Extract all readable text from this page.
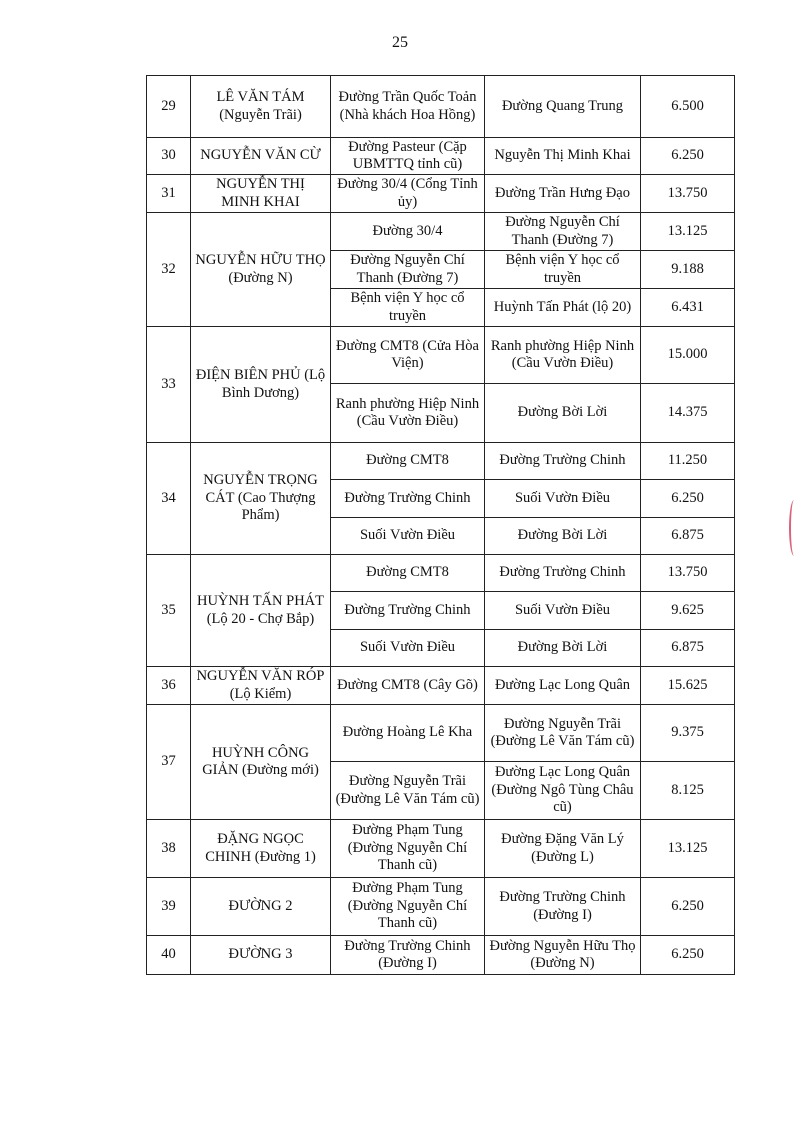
25
29	LÊ VĂN TÁM (Nguyễn Trãi)	Đường Trần Quốc Toản (Nhà khách Hoa Hồng)	Đường Quang Trung	6.500
30	NGUYỄN VĂN CỪ	Đường Pasteur (Cặp UBMTTQ tỉnh cũ)	Nguyễn Thị Minh Khai	6.250
31	NGUYỄN THỊ MINH KHAI	Đường 30/4 (Cổng Tỉnh ủy)	Đường Trần Hưng Đạo	13.750
32	NGUYỄN HỮU THỌ (Đường N)	Đường 30/4	Đường Nguyễn Chí Thanh (Đường 7)	13.125
		Đường Nguyễn Chí Thanh (Đường 7)	Bệnh viện Y học cổ truyền	9.188
		Bệnh viện Y học cổ truyền	Huỳnh Tấn Phát (lộ 20)	6.431
33	ĐIỆN BIÊN PHỦ (Lộ Bình Dương)	Đường CMT8 (Cửa Hòa Viện)	Ranh phường Hiệp Ninh (Cầu Vườn Điều)	15.000
		Ranh phường Hiệp Ninh (Cầu Vườn Điều)	Đường Bời Lời	14.375
34	NGUYỄN TRỌNG CÁT (Cao Thượng Phẩm)	Đường CMT8	Đường Trường Chinh	11.250
		Đường Trường Chinh	Suối Vườn Điều	6.250
		Suối Vườn Điều	Đường Bời Lời	6.875
35	HUỲNH TẤN PHÁT (Lộ 20 - Chợ Bắp)	Đường CMT8	Đường Trường Chinh	13.750
		Đường Trường Chinh	Suối Vườn Điều	9.625
		Suối Vườn Điều	Đường Bời Lời	6.875
36	NGUYỄN VĂN RÓP (Lộ Kiểm)	Đường CMT8 (Cây Gõ)	Đường Lạc Long Quân	15.625
37	HUỲNH CÔNG GIẢN (Đường mới)	Đường Hoàng Lê Kha	Đường Nguyễn Trãi (Đường Lê Văn Tám cũ)	9.375
		Đường Nguyễn Trãi (Đường Lê Văn Tám cũ)	Đường Lạc Long Quân (Đường Ngô Tùng Châu cũ)	8.125
38	ĐẶNG NGỌC CHINH (Đường 1)	Đường Phạm Tung (Đường Nguyễn Chí Thanh cũ)	Đường Đặng Văn Lý (Đường L)	13.125
39	ĐƯỜNG 2	Đường Phạm Tung (Đường Nguyễn Chí Thanh cũ)	Đường Trường Chinh (Đường I)	6.250
40	ĐƯỜNG 3	Đường Trường Chinh (Đường I)	Đường Nguyễn Hữu Thọ (Đường N)	6.250
